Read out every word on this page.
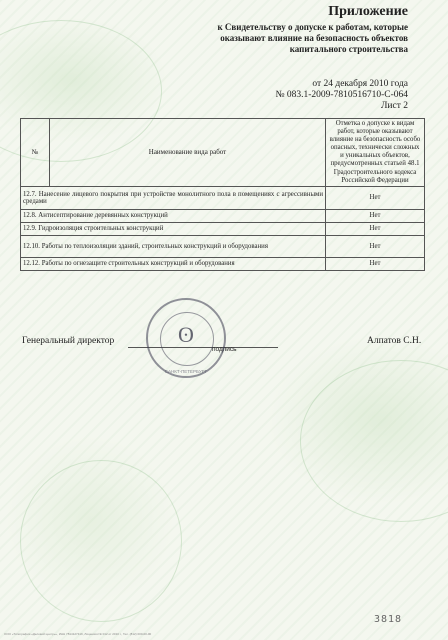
Приложение
к Свидетельству о допуске к работам, которые
оказывают влияние на безопасность объектов
капитального строительства
от 24 декабря 2010 года
№ 083.1-2009-7810516710-С-064
Лист 2
№	Наименование вида работ	Отметка о допуске к видам работ, которые оказывают влияние на безопасность особо опасных, технически сложных и уникальных объектов, предусмотренных статьей 48.1 Градостроительного кодекса Российской Федерации
12.7. Нанесение лицевого покрытия при устройстве монолитного пола в помещениях с агрессивными средами		Нет
12.8. Антисептирование деревянных конструкций		Нет
12.9. Гидроизоляция строительных конструкций		Нет
12.10. Работы по теплоизоляции зданий, строительных конструкций и оборудования		Нет
12.12. Работы по огнезащите строительных конструкций и оборудования		Нет
Генеральный директор
подпись
Алпатов С.Н.
ʘ
САНКТ-ПЕТЕРБУРГ
3818
ООО «Типография «Деловой центр»», ИНН 7814127419, Лицензия № 012 от 2010 г., Тел. (812) 000-00-00
